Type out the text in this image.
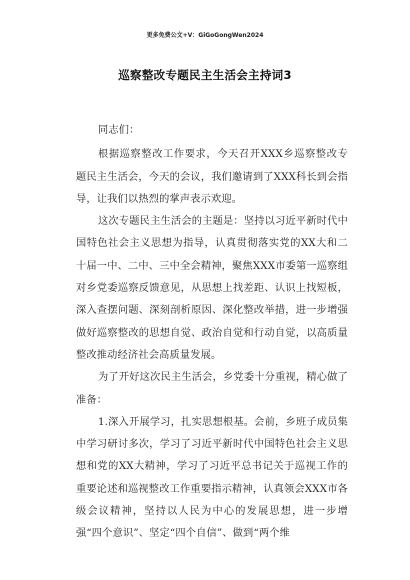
更多免费公文+V：GiGoGongWen2024
巡察整改专题民主生活会主持词3

同志们：

根据巡察整改工作要求，今天召开XXX乡巡察整改专题民主生活会，今天的会议，我们邀请到了XXX科长到会指导，让我们以热烈的掌声表示欢迎。

这次专题民主生活会的主题是：坚持以习近平新时代中国特色社会主义思想为指导，认真贯彻落实党的XX大和二十届一中、二中、三中全会精神，聚焦XXX市委第一巡察组对乡党委巡察反馈意见，从思想上找差距、认识上找短板，深入查摆问题、深刻剖析原因、深化整改举措，进一步增强做好巡察整改的思想自觉、政治自觉和行动自觉，以高质量整改推动经济社会高质量发展。

为了开好这次民主生活会，乡党委十分重视，精心做了准备：

1.深入开展学习，扎实思想根基。会前，乡班子成员集中学习研讨多次，学习了习近平新时代中国特色社会主义思想和党的XX大精神，学习了习近平总书记关于巡视工作的重要论述和巡视整改工作重要指示精神，认真领会XXX市各级会议精神，坚持以人民为中心的发展思想，进一步增强“四个意识”、坚定“四个自信”、做到“两个维
